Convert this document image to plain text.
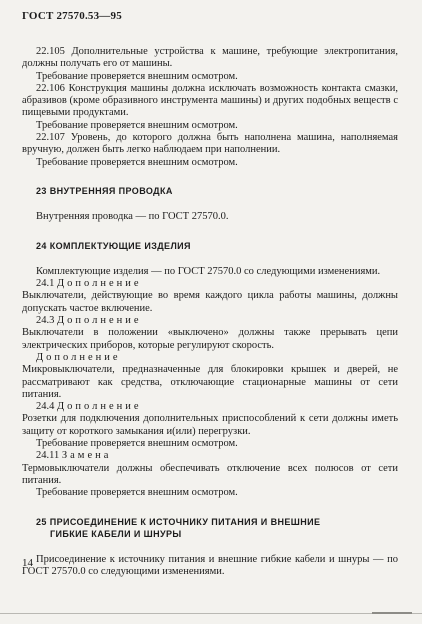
ГОСТ 27570.53—95

22.105 Дополнительные устройства к машине, требующие электропитания, должны получать его от машины.

Требование проверяется внешним осмотром.

22.106 Конструкция машины должна исключать возможность контакта смазки, абразивов (кроме образивного инструмента машины) и других подобных веществ с пищевыми продуктами.

Требование проверяется внешним осмотром.

22.107 Уровень, до которого должна быть наполнена машина, наполняемая вручную, должен быть легко наблюдаем при наполнении.

Требование проверяется внешним осмотром.

23 ВНУТРЕННЯЯ ПРОВОДКА

Внутренняя проводка — по ГОСТ 27570.0.

24 КОМПЛЕКТУЮЩИЕ ИЗДЕЛИЯ

Комплектующие изделия — по ГОСТ 27570.0 со следующими изменениями.

24.1 Дополнение

Выключатели, действующие во время каждого цикла работы машины, должны допускать частое включение.

24.3 Дополнение

Выключатели в положении «выключено» должны также прерывать цепи электрических приборов, которые регулируют скорость.

Дополнение

Микровыключатели, предназначенные для блокировки крышек и дверей, не рассматривают как средства, отключающие стационарные машины от сети питания.

24.4 Дополнение

Розетки для подключения дополнительных приспособлений к сети должны иметь защиту от короткого замыкания и(или) перегрузки.

Требование проверяется внешним осмотром.

24.11 Замена

Термовыключатели должны обеспечивать отключение всех полюсов от сети питания.

Требование проверяется внешним осмотром.

25 ПРИСОЕДИНЕНИЕ К ИСТОЧНИКУ ПИТАНИЯ И ВНЕШНИЕ
ГИБКИЕ КАБЕЛИ И ШНУРЫ

Присоединение к источнику питания и внешние гибкие кабели и шнуры — по ГОСТ 27570.0 со следующими изменениями.

14
